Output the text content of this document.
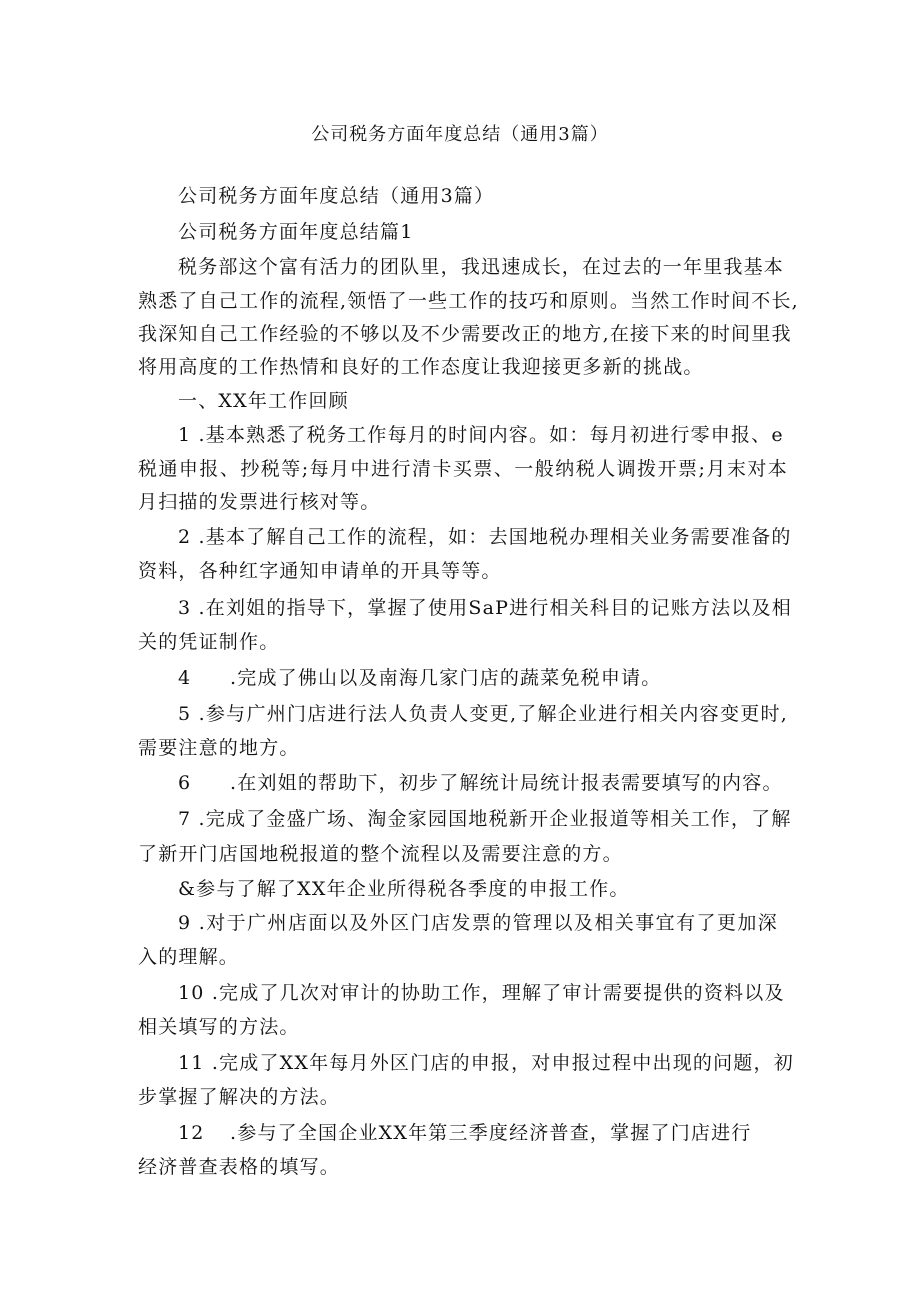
公司税务方面年度总结（通用3篇）
公司税务方面年度总结（通用3篇）
公司税务方面年度总结篇1
税务部这个富有活力的团队里，我迅速成长，在过去的一年里我基本
熟悉了自己工作的流程,领悟了一些工作的技巧和原则。当然工作时间不长,
我深知自己工作经验的不够以及不少需要改正的地方,在接下来的时间里我
将用高度的工作热情和良好的工作态度让我迎接更多新的挑战。
一、XX年工作回顾
1 .基本熟悉了税务工作每月的时间内容。如：每月初进行零申报、e
税通申报、抄税等;每月中进行清卡买票、一般纳税人调拨开票;月末对本
月扫描的发票进行核对等。
2 .基本了解自己工作的流程，如：去国地税办理相关业务需要准备的
资料，各种红字通知申请单的开具等等。
3 .在刘姐的指导下，掌握了使用SaP进行相关科目的记账方法以及相
关的凭证制作。
4 .完成了佛山以及南海几家门店的蔬菜免税申请。
5 .参与广州门店进行法人负责人变更,了解企业进行相关内容变更时,
需要注意的地方。
6 .在刘姐的帮助下，初步了解统计局统计报表需要填写的内容。
7 .完成了金盛广场、淘金家园国地税新开企业报道等相关工作，了解
了新开门店国地税报道的整个流程以及需要注意的方。
&参与了解了XX年企业所得税各季度的申报工作。
9 .对于广州店面以及外区门店发票的管理以及相关事宜有了更加深
入的理解。
10 .完成了几次对审计的协助工作，理解了审计需要提供的资料以及
相关填写的方法。
11 .完成了XX年每月外区门店的申报，对申报过程中出现的问题，初
步掌握了解决的方法。
12 .参与了全国企业XX年第三季度经济普查，掌握了门店进行
经济普查表格的填写。
